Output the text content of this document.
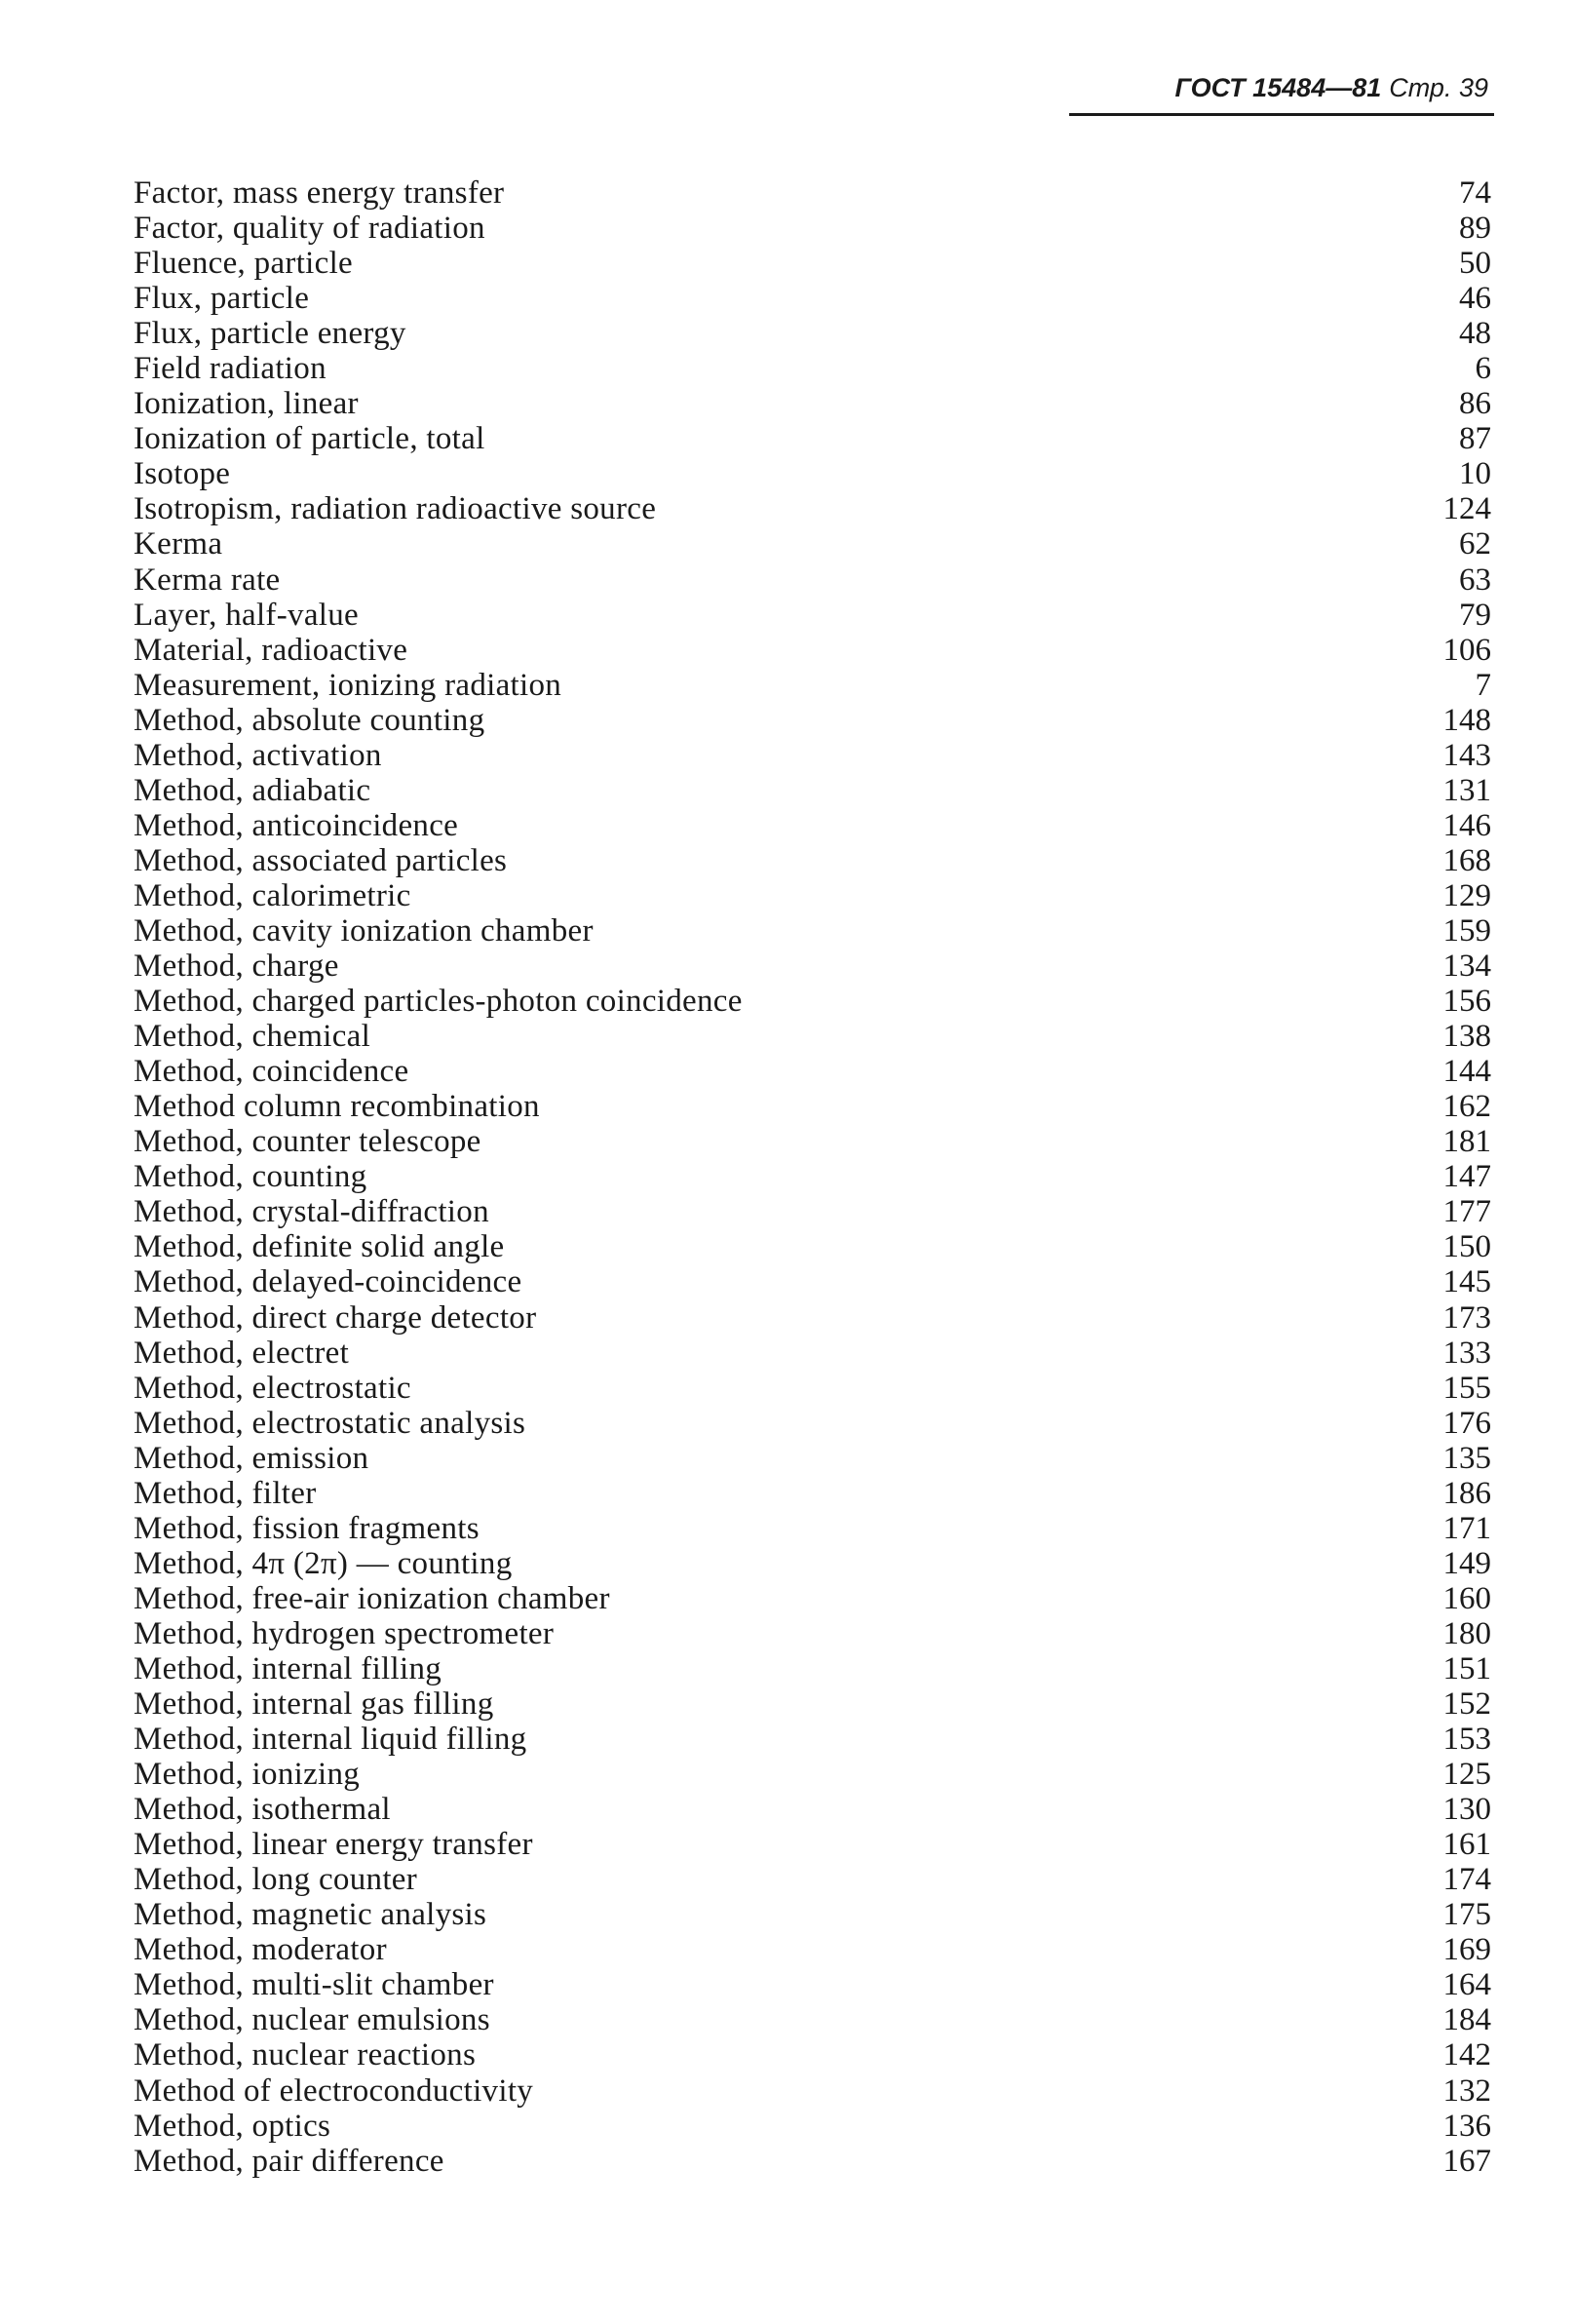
ГОСТ 15484—81 Стр. 39
Factor, mass energy transfer	74
Factor, quality of radiation	89
Fluence, particle	50
Flux, particle	46
Flux, particle energy	48
Field radiation	6
Ionization, linear	86
Ionization of particle, total	87
Isotope	10
Isotropism, radiation radioactive source	124
Kerma	62
Kerma rate	63
Layer, half-value	79
Material, radioactive	106
Measurement, ionizing radiation	7
Method, absolute counting	148
Method, activation	143
Method, adiabatic	131
Method, anticoincidence	146
Method, associated particles	168
Method, calorimetric	129
Method, cavity ionization chamber	159
Method, charge	134
Method, charged particles-photon coincidence	156
Method, chemical	138
Method, coincidence	144
Method column recombination	162
Method, counter telescope	181
Method, counting	147
Method, crystal-diffraction	177
Method, definite solid angle	150
Method, delayed-coincidence	145
Method, direct charge detector	173
Method, electret	133
Method, electrostatic	155
Method, electrostatic analysis	176
Method, emission	135
Method, filter	186
Method, fission fragments	171
Method, 4π (2π) — counting	149
Method, free-air ionization chamber	160
Method, hydrogen spectrometer	180
Method, internal filling	151
Method, internal gas filling	152
Method, internal liquid filling	153
Method, ionizing	125
Method, isothermal	130
Method, linear energy transfer	161
Method, long counter	174
Method, magnetic analysis	175
Method, moderator	169
Method, multi-slit chamber	164
Method, nuclear emulsions	184
Method, nuclear reactions	142
Method of electroconductivity	132
Method, optics	136
Method, pair difference	167
